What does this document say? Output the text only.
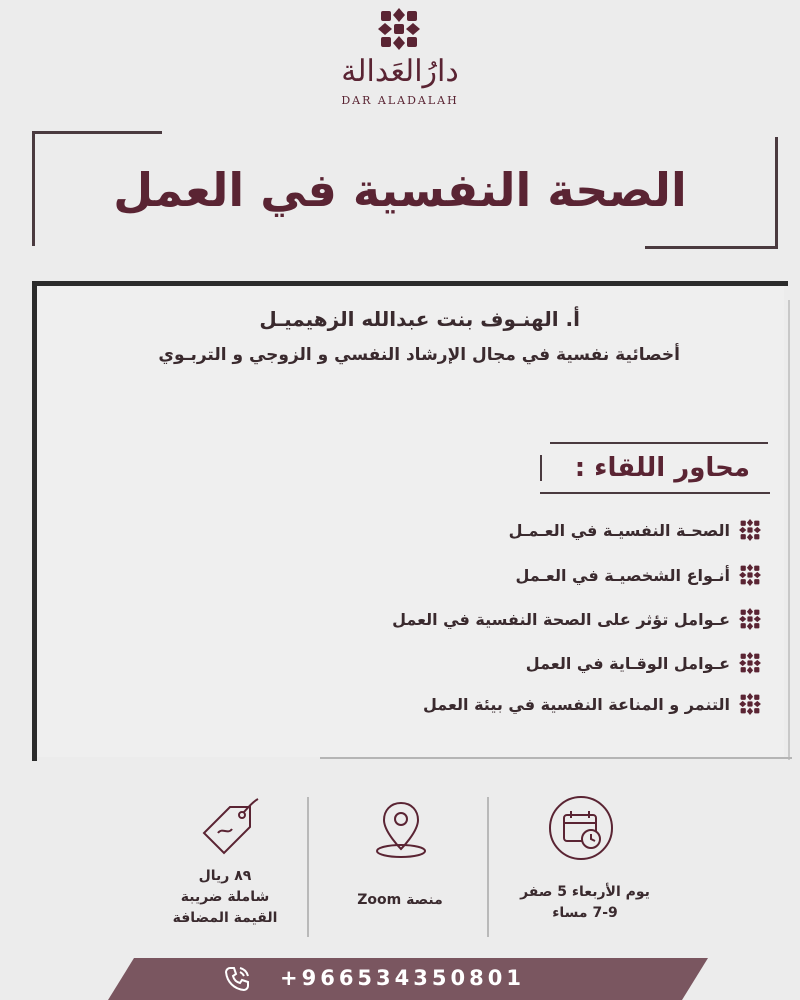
دارُالعَدالة
DAR ALADALAH
الصحة النفسية في العمل
أ. الهنـوف بنت عبدالله الزهيميـل
أخصائية نفسية في مجال الإرشاد النفسي و الزوجي و التربـوي
محاور اللقاء :
الصحـة النفسيـة في العـمـل
أنـواع الشخصيـة في العـمل
عـوامل تؤثر على الصحة النفسية في العمل
عـوامل الوقـاية في العمل
التنمر و المناعة النفسية في بيئة العمل
يوم الأربعاء 5 صفر
7-9 مساء
منصة Zoom
٨٩ ريال
شاملة ضريبة
القيمة المضافة
+966534350801
